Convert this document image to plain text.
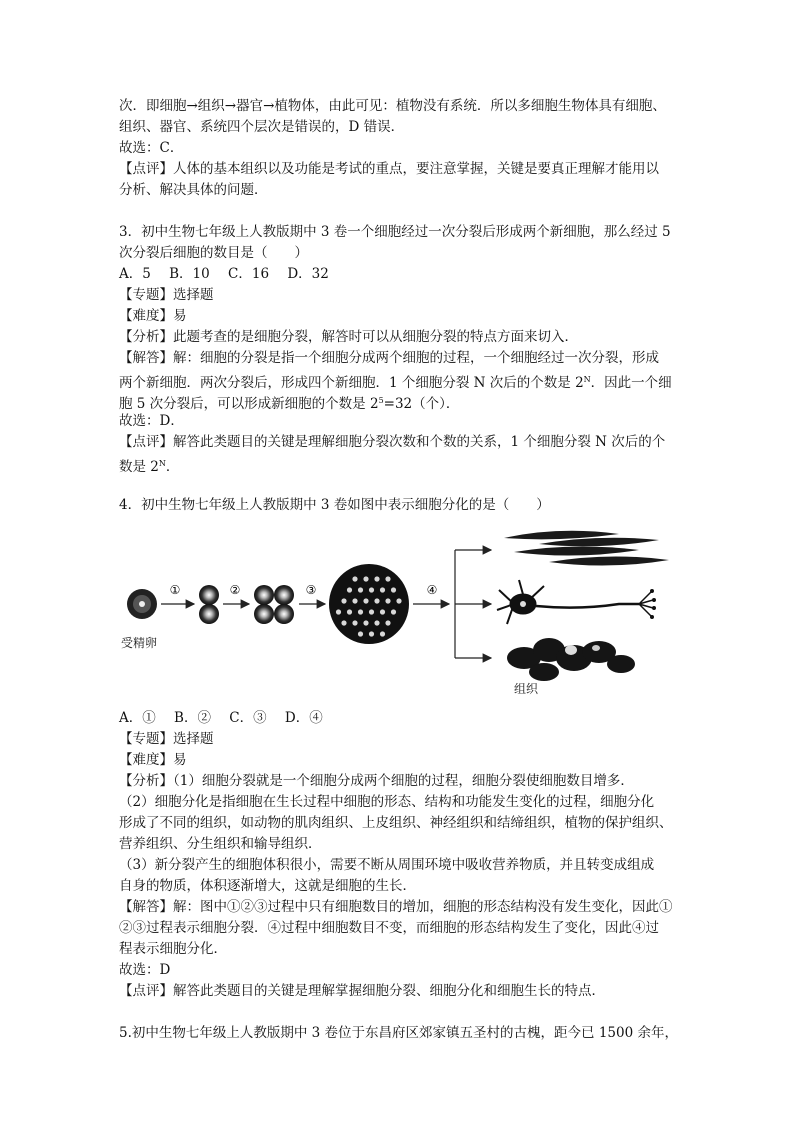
次．即细胞→组织→器官→植物体，由此可见：植物没有系统．所以多细胞生物体具有细胞、

组织、器官、系统四个层次是错误的，D 错误．

故选：C．

【点评】人体的基本组织以及功能是考试的重点，要注意掌握，关键是要真正理解才能用以

分析、解决具体的问题．

3．初中生物七年级上人教版期中 3 卷一个细胞经过一次分裂后形成两个新细胞，那么经过 5

次分裂后细胞的数目是（　　）

A．5 B．10 C．16 D．32

【专题】选择题

【难度】易

【分析】此题考查的是细胞分裂，解答时可以从细胞分裂的特点方面来切入．

【解答】解：细胞的分裂是指一个细胞分成两个细胞的过程，一个细胞经过一次分裂，形成

两个新细胞．两次分裂后，形成四个新细胞．1 个细胞分裂 N 次后的个数是 $2^N$．因此一个细

胞 5 次分裂后，可以形成新细胞的个数是 $2^5=32$（个）．

故选：D．

【点评】解答此类题目的关键是理解细胞分裂次数和个数的关系，1 个细胞分裂 N 次后的个

数是 $2^N$．

4．初中生物七年级上人教版期中 3 卷如图中表示细胞分化的是（　　）

①	②	③	④
受精卵
组织

A．① B．② C．③ D．④

【专题】选择题

【难度】易

【分析】（1）细胞分裂就是一个细胞分成两个细胞的过程，细胞分裂使细胞数目增多．

（2）细胞分化是指细胞在生长过程中细胞的形态、结构和功能发生变化的过程，细胞分化

形成了不同的组织，如动物的肌肉组织、上皮组织、神经组织和结缔组织，植物的保护组织、

营养组织、分生组织和输导组织．

（3）新分裂产生的细胞体积很小，需要不断从周围环境中吸收营养物质，并且转变成组成

自身的物质，体积逐渐增大，这就是细胞的生长．

【解答】解：图中①②③过程中只有细胞数目的增加，细胞的形态结构没有发生变化，因此①

②③过程表示细胞分裂．④过程中细胞数目不变，而细胞的形态结构发生了变化，因此④过

程表示细胞分化．

故选：D

【点评】解答此类题目的关键是理解掌握细胞分裂、细胞分化和细胞生长的特点．

5.初中生物七年级上人教版期中 3 卷位于东昌府区郊家镇五圣村的古槐，距今已 1500 余年，
